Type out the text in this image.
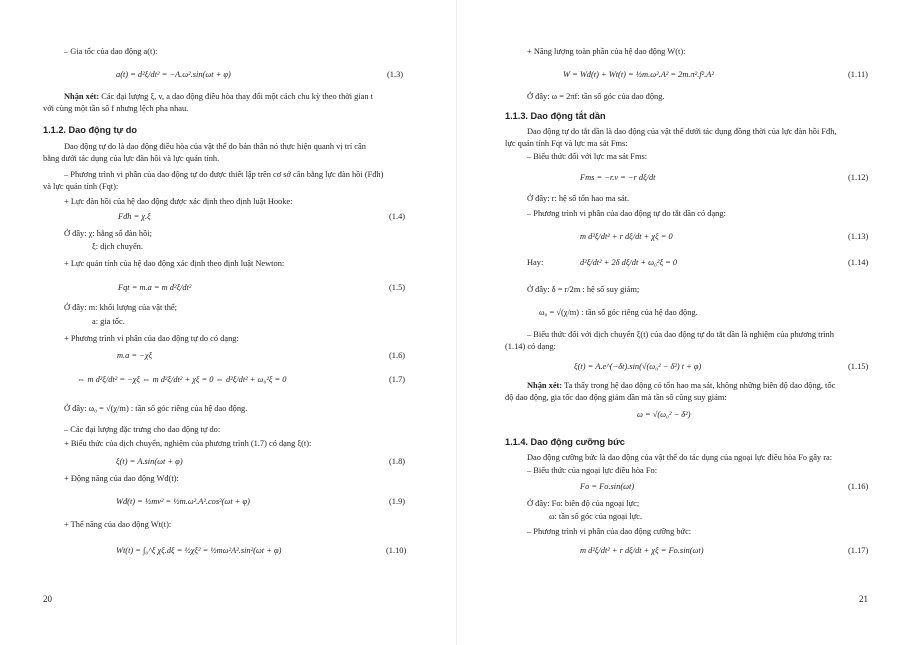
– Gia tốc của dao động a(t):
a(t) = d²ξ/dt² = −A.ω².sin(ωt + φ)	(1.3)
Nhận xét: Các đại lượng ξ, v, a dao động điều hòa thay đổi một cách chu kỳ theo thời gian t
với cùng một tần số f nhưng lệch pha nhau.
1.1.2. Dao động tự do
Dao động tự do là dao động điều hòa của vật thể do bản thân nó thực hiện quanh vị trí cân
bằng dưới tác dụng của lực đàn hồi và lực quán tính.
– Phương trình vi phân của dao động tự do được thiết lập trên cơ sở cân bằng lực đàn hồi (Fđh)
và lực quán tính (Fqt):
+ Lực đàn hồi của hệ dao động được xác định theo định luật Hooke:
Fđh = χ.ξ	(1.4)
Ở đây: χ: hằng số đàn hồi;
ξ: dịch chuyển.
+ Lực quán tính của hệ dao động xác định theo định luật Newton:
Fqt = m.a = m d²ξ/dt²	(1.5)
Ở đây: m: khối lượng của vật thể;
a: gia tốc.
+ Phương trình vi phân của dao động tự do có dạng:
m.a = −χξ	(1.6)
⇔ m d²ξ/dt² = −χξ ⇔ m d²ξ/dt² + χξ = 0 ⇔ d²ξ/dt² + ω₀²ξ = 0	(1.7)
Ở đây: ω₀ = √(χ/m) : tần số góc riêng của hệ dao động.
– Các đại lượng đặc trưng cho dao động tự do:
+ Biểu thức của dịch chuyển, nghiệm của phương trình (1.7) có dạng ξ(t):
ξ(t) = A.sin(ωt + φ)	(1.8)
+ Động năng của dao động Wđ(t):
Wđ(t) = ½mv² = ½m.ω².A².cos²(ωt + φ)	(1.9)
+ Thế năng của dao động Wt(t):
Wt(t) = ∫₀^ξ χξ.dξ = ½χξ² = ½mω²A².sin²(ωt + φ)	(1.10)
20
+ Năng lượng toàn phần của hệ dao động W(t):
W = Wđ(t) + Wt(t) = ½m.ω².A² = 2m.π².f².A²	(1.11)
Ở đây: ω = 2πf: tần số góc của dao động.
1.1.3. Dao động tắt dần
Dao động tự do tắt dần là dao động của vật thể dưới tác dụng đồng thời của lực đàn hồi Fđh,
lực quán tính Fqt và lực ma sát Fms:
– Biểu thức đối với lực ma sát Fms:
Fms = −r.v = −r dξ/dt	(1.12)
Ở đây: r: hệ số tổn hao ma sát.
– Phương trình vi phân của dao động tự do tắt dần có dạng:
m d²ξ/dt² + r dξ/dt + χξ = 0	(1.13)
Hay:	d²ξ/dt² + 2δ dξ/dt + ω₀²ξ = 0	(1.14)
Ở đây: δ = r/2m : hệ số suy giảm;
ω₀ = √(χ/m) : tần số góc riêng của hệ dao động.
– Biểu thức đối với dịch chuyển ξ(t) của dao động tự do tắt dần là nghiệm của phương trình
(1.14) có dạng:
ξ(t) = A.e^(−δt).sin(√(ω₀² − δ²) t + φ)	(1.15)
Nhận xét: Ta thấy trong hệ dao động có tổn hao ma sát, không những biên độ dao động, tốc
độ dao động, gia tốc dao động giảm dần mà tần số cũng suy giảm:
ω = √(ω₀² − δ²)
1.1.4. Dao động cưỡng bức
Dao động cưỡng bức là dao động của vật thể do tác dụng của ngoại lực điều hòa Fo gây ra:
– Biểu thức của ngoại lực điều hòa Fo:
Fo = Fo.sin(ωt)	(1.16)
Ở đây: Fo: biên độ của ngoại lực;
ω: tần số góc của ngoại lực.
– Phương trình vi phân của dao động cưỡng bức:
m d²ξ/dt² + r dξ/dt + χξ = Fo.sin(ωt)	(1.17)
21
